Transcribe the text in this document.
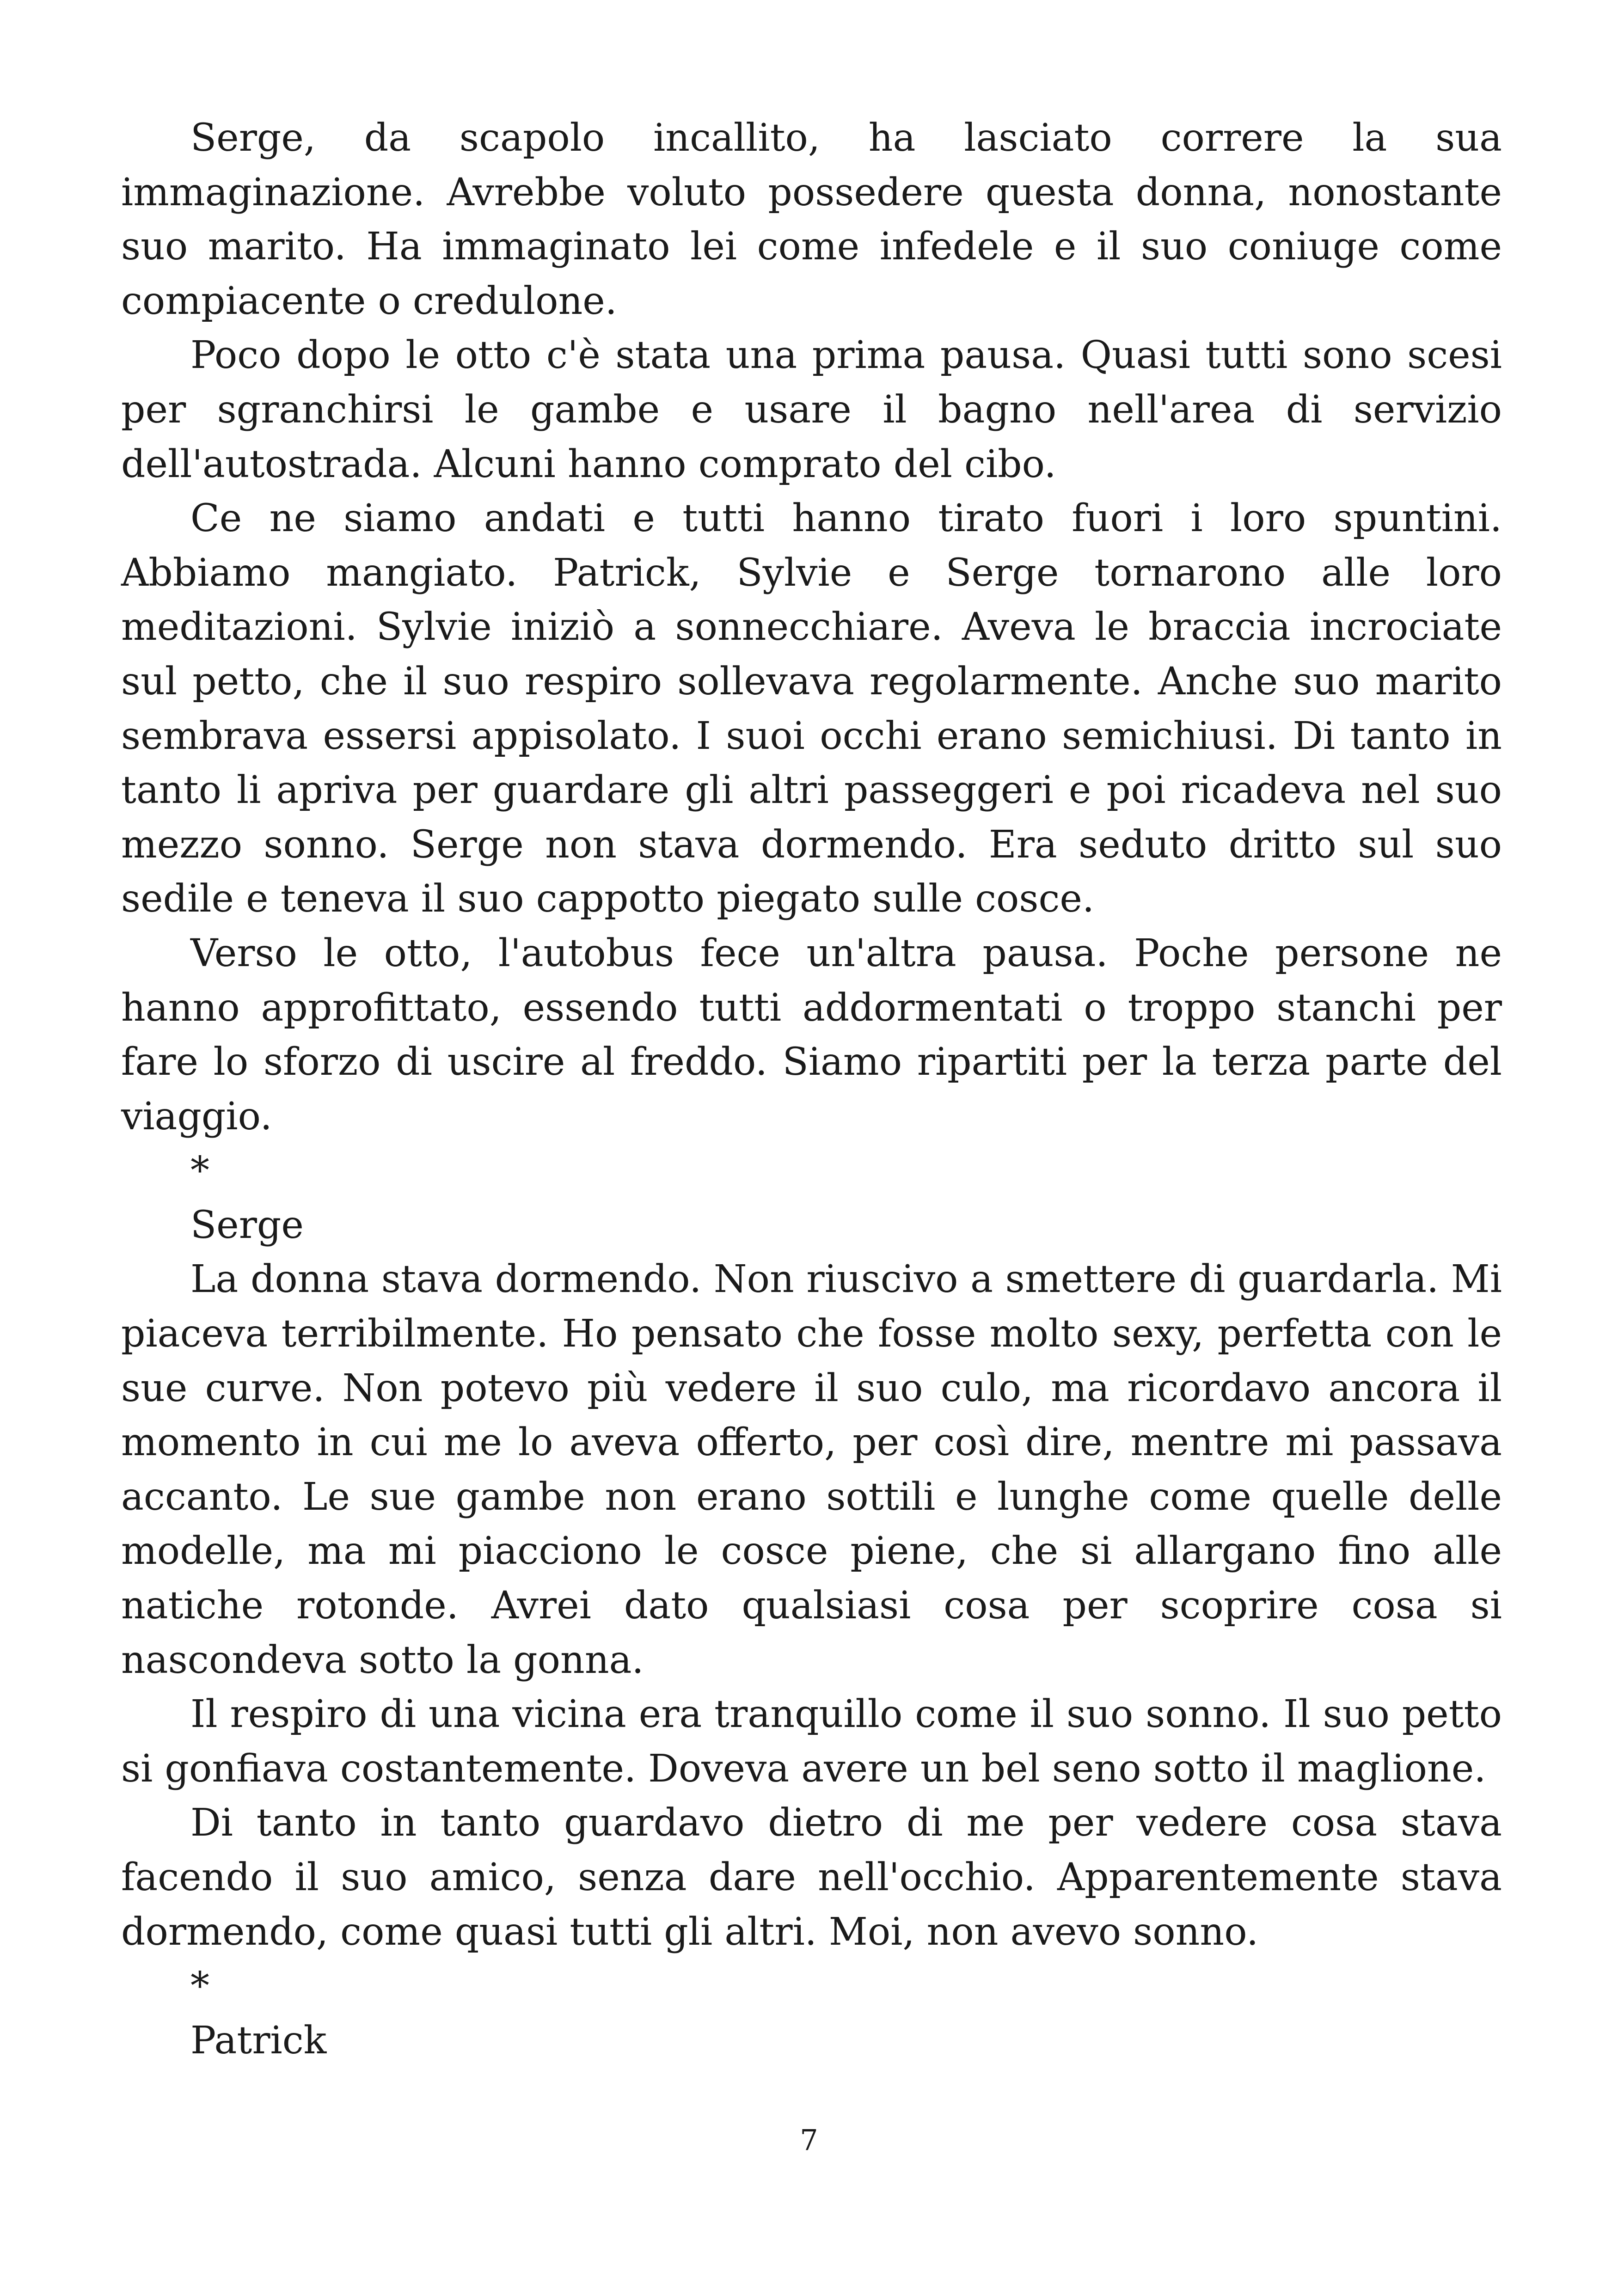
Serge, da scapolo incallito, ha lasciato correre la sua immaginazione. Avrebbe voluto possedere questa donna, nonostante suo marito. Ha immaginato lei come infedele e il suo coniuge come compiacente o credulone.

Poco dopo le otto c'è stata una prima pausa. Quasi tutti sono scesi per sgranchirsi le gambe e usare il bagno nell'area di servizio dell'autostrada. Alcuni hanno comprato del cibo.

Ce ne siamo andati e tutti hanno tirato fuori i loro spuntini. Abbiamo mangiato. Patrick, Sylvie e Serge tornarono alle loro meditazioni. Sylvie iniziò a sonnecchiare. Aveva le braccia incrociate sul petto, che il suo respiro sollevava regolarmente. Anche suo marito sembrava essersi appisolato. I suoi occhi erano semichiusi. Di tanto in tanto li apriva per guardare gli altri passeggeri e poi ricadeva nel suo mezzo sonno. Serge non stava dormendo. Era seduto dritto sul suo sedile e teneva il suo cappotto piegato sulle cosce.

Verso le otto, l'autobus fece un'altra pausa. Poche persone ne hanno approfittato, essendo tutti addormentati o troppo stanchi per fare lo sforzo di uscire al freddo. Siamo ripartiti per la terza parte del viaggio.

*

Serge

La donna stava dormendo. Non riuscivo a smettere di guardarla. Mi piaceva terribilmente. Ho pensato che fosse molto sexy, perfetta con le sue curve. Non potevo più vedere il suo culo, ma ricordavo ancora il momento in cui me lo aveva offerto, per così dire, mentre mi passava accanto. Le sue gambe non erano sottili e lunghe come quelle delle modelle, ma mi piacciono le cosce piene, che si allargano fino alle natiche rotonde. Avrei dato qualsiasi cosa per scoprire cosa si nascondeva sotto la gonna.

Il respiro di una vicina era tranquillo come il suo sonno. Il suo petto si gonfiava costantemente. Doveva avere un bel seno sotto il maglione.

Di tanto in tanto guardavo dietro di me per vedere cosa stava facendo il suo amico, senza dare nell'occhio. Apparentemente stava dormendo, come quasi tutti gli altri. Moi, non avevo sonno.

*

Patrick

7
